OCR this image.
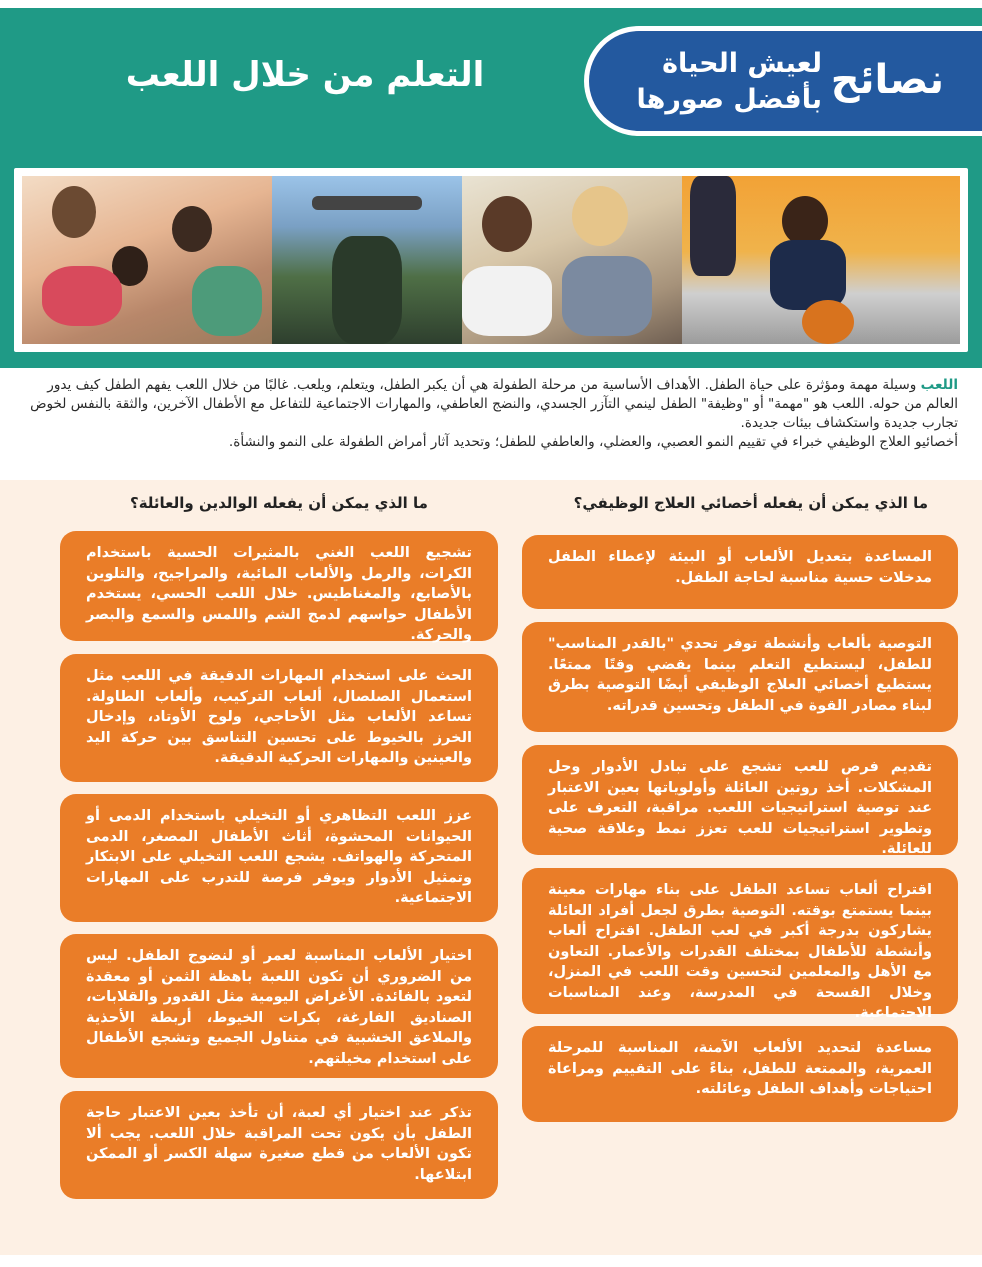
نصائح
لعيش الحياة
بأفضل صورها
التعلم من خلال اللعب

اللعب وسيلة مهمة ومؤثرة على حياة الطفل. الأهداف الأساسية من مرحلة الطفولة هي أن يكبر الطفل، ويتعلم، ويلعب. غالبًا من خلال اللعب يفهم الطفل كيف يدور العالم من حوله. اللعب هو "مهمة" أو "وظيفة" الطفل لينمي التآزر الجسدي، والنضج العاطفي، والمهارات الاجتماعية للتفاعل مع الأطفال الآخرين، والثقة بالنفس لخوض تجارب جديدة واستكشاف بيئات جديدة.

أخصائيو العلاج الوظيفي خبراء في تقييم النمو العصبي، والعضلي، والعاطفي للطفل؛ وتحديد آثار أمراض الطفولة على النمو والنشأة.

ما الذي يمكن أن يفعله أخصائي العلاج الوظيفي؟
ما الذي يمكن أن يفعله الوالدين والعائلة؟
المساعدة بتعديل الألعاب أو البيئة لإعطاء الطفل مدخلات حسية مناسبة لحاجة الطفل.
التوصية بألعاب وأنشطة توفر تحدي "بالقدر المناسب" للطفل، ليستطيع التعلم بينما يقضي وقتًا ممتعًا. يستطيع أخصائي العلاج الوظيفي أيضًا التوصية بطرق لبناء مصادر القوة في الطفل وتحسين قدراته.
تقديم فرص للعب تشجع على تبادل الأدوار وحل المشكلات. أخذ روتين العائلة وأولوياتها بعين الاعتبار عند توصية استراتيجيات اللعب. مراقبة، التعرف على وتطوير استراتيجيات للعب تعزز نمط وعلاقة صحية للعائلة.
اقتراح ألعاب تساعد الطفل على بناء مهارات معينة بينما يستمتع بوقته. التوصية بطرق لجعل أفراد العائلة يشاركون بدرجة أكبر في لعب الطفل. اقتراح ألعاب وأنشطة للأطفال بمختلف القدرات والأعمار. التعاون مع الأهل والمعلمين لتحسين وقت اللعب في المنزل، وخلال الفسحة في المدرسة، وعند المناسبات الاجتماعية.
مساعدة لتحديد الألعاب الآمنة، المناسبة للمرحلة العمرية، والممتعة للطفل، بناءً على التقييم ومراعاة احتياجات وأهداف الطفل وعائلته.
تشجيع اللعب الغني بالمثيرات الحسية باستخدام الكرات، والرمل والألعاب المائية، والمراجيح، والتلوين بالأصابع، والمغناطيس. خلال اللعب الحسي، يستخدم الأطفال حواسهم لدمج الشم واللمس والسمع والبصر والحركة.
الحث على استخدام المهارات الدقيقة في اللعب مثل استعمال الصلصال، ألعاب التركيب، وألعاب الطاولة. تساعد الألعاب مثل الأحاجي، ولوح الأوتاد، وإدخال الخرز بالخيوط على تحسين التناسق بين حركة اليد والعينين والمهارات الحركية الدقيقة.
عزز اللعب التظاهري أو التخيلي باستخدام الدمى أو الحيوانات المحشوة، أثاث الأطفال المصغر، الدمى المتحركة والهواتف. يشجع اللعب التخيلي على الابتكار وتمثيل الأدوار ويوفر فرصة للتدرب على المهارات الاجتماعية.
اختيار الألعاب المناسبة لعمر أو لنضوج الطفل. ليس من الضروري أن تكون اللعبة باهظة الثمن أو معقدة لتعود بالفائدة. الأغراض اليومية مثل القدور والقلابات، الصناديق الفارغة، بكرات الخيوط، أربطة الأحذية والملاعق الخشبية في متناول الجميع وتشجع الأطفال على استخدام مخيلتهم.
تذكر عند اختيار أي لعبة، أن تأخذ بعين الاعتبار حاجة الطفل بأن يكون تحت المراقبة خلال اللعب. يجب ألا تكون الألعاب من قطع صغيرة سهلة الكسر أو الممكن ابتلاعها.
